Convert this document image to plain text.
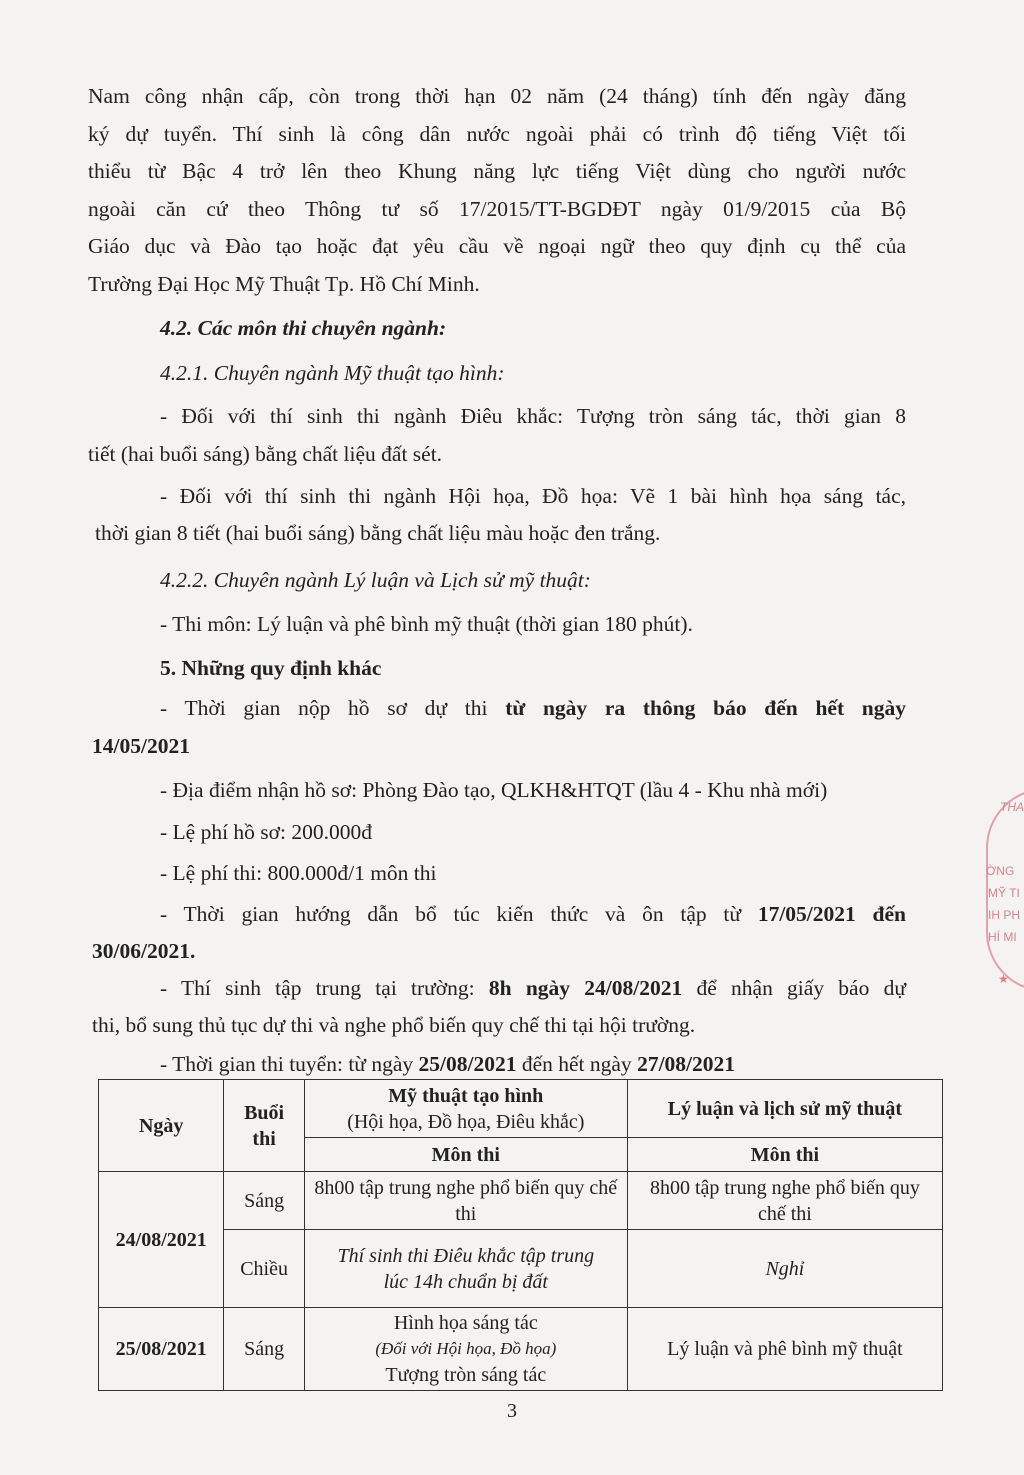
Nam công nhận cấp, còn trong thời hạn 02 năm (24 tháng) tính đến ngày đăng

ký dự tuyển. Thí sinh là công dân nước ngoài phải có trình độ tiếng Việt tối

thiểu từ Bậc 4 trở lên theo Khung năng lực tiếng Việt dùng cho người nước

ngoài căn cứ theo Thông tư số 17/2015/TT-BGDĐT ngày 01/9/2015 của Bộ

Giáo dục và Đào tạo hoặc đạt yêu cầu về ngoại ngữ theo quy định cụ thể của

Trường Đại Học Mỹ Thuật Tp. Hồ Chí Minh.

4.2. Các môn thi chuyên ngành:

4.2.1. Chuyên ngành Mỹ thuật tạo hình:

- Đối với thí sinh thi ngành Điêu khắc: Tượng tròn sáng tác, thời gian 8

tiết (hai buổi sáng) bằng chất liệu đất sét.

- Đối với thí sinh thi ngành Hội họa, Đồ họa: Vẽ 1 bài hình họa sáng tác,

thời gian 8 tiết (hai buổi sáng) bằng chất liệu màu hoặc đen trắng.

4.2.2. Chuyên ngành Lý luận và Lịch sử mỹ thuật:

- Thi môn: Lý luận và phê bình mỹ thuật (thời gian 180 phút).

5. Những quy định khác

- Thời gian nộp hồ sơ dự thi từ ngày ra thông báo đến hết ngày

14/05/2021

- Địa điểm nhận hồ sơ: Phòng Đào tạo, QLKH&HTQT (lầu 4 - Khu nhà mới)

- Lệ phí hồ sơ: 200.000đ

- Lệ phí thi: 800.000đ/1 môn thi

- Thời gian hướng dẫn bổ túc kiến thức và ôn tập từ 17/05/2021 đến

30/06/2021.

- Thí sinh tập trung tại trường: 8h ngày 24/08/2021 để nhận giấy báo dự

thi, bổ sung thủ tục dự thi và nghe phổ biến quy chế thi tại hội trường.

- Thời gian thi tuyển: từ ngày 25/08/2021 đến hết ngày 27/08/2021

Ngày	Buổi thi	Mỹ thuật tạo hình
(Hội họa, Đồ họa, Điêu khắc)	Lý luận và lịch sử mỹ thuật
		Môn thi	Môn thi
24/08/2021	Sáng	8h00 tập trung nghe phổ biến quy chế thi	8h00 tập trung nghe phổ biến quy chế thi
	Chiều	Thí sinh thi Điêu khắc tập trung lúc 14h chuẩn bị đất	Nghỉ
25/08/2021	Sáng	Hình họa sáng tác
(Đối với Hội họa, Đồ họa)
Tượng tròn sáng tác	Lý luận và phê bình mỹ thuật
3
THA
ỜNG
MỸ TI
IH PH
HÍ MI
★
